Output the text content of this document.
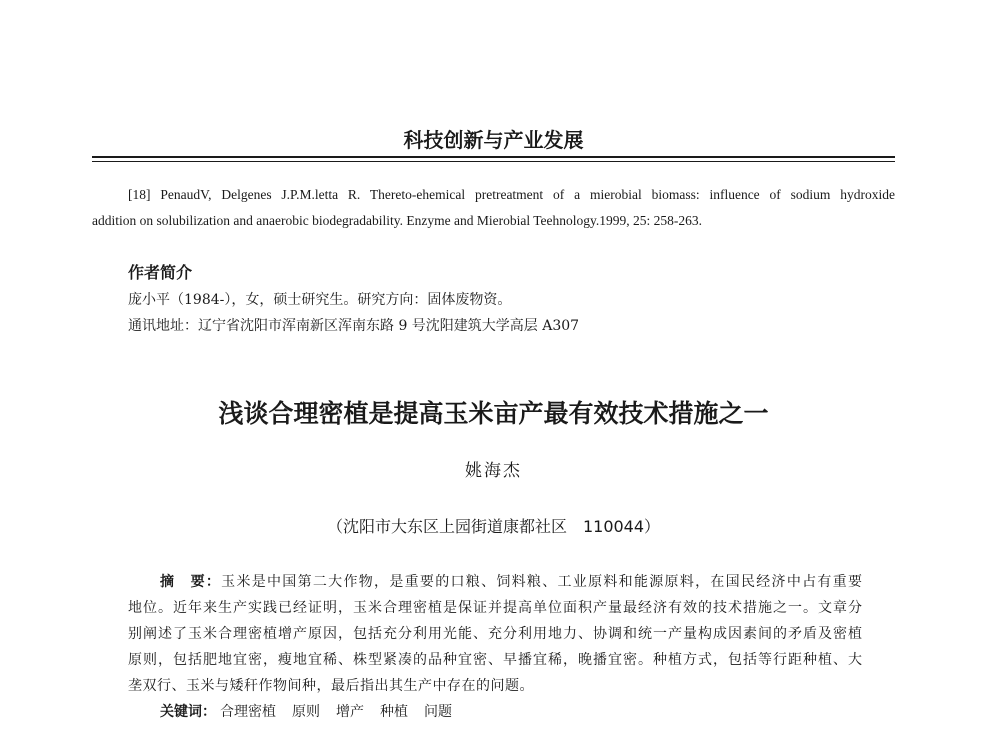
科技创新与产业发展
[18] PenaudV, Delgenes J.P.M.letta R. Thereto-ehemical pretreatment of a mierobial biomass: influence of sodium hydroxide
addition on solubilization and anaerobic biodegradability. Enzyme and Mierobial Teehnology.1999, 25: 258-263.
作者简介
庞小平（1984-），女，硕士研究生。研究方向：固体废物资。
通讯地址：辽宁省沈阳市浑南新区浑南东路 9 号沈阳建筑大学高层 A307
浅谈合理密植是提高玉米亩产最有效技术措施之一
姚海杰
（沈阳市大东区上园街道康都社区　110044）
摘　要：玉米是中国第二大作物，是重要的口粮、饲料粮、工业原料和能源原料，在国民经济中占有重要
地位。近年来生产实践已经证明，玉米合理密植是保证并提高单位面积产量最经济有效的技术措施之一。文章分
别阐述了玉米合理密植增产原因，包括充分利用光能、充分利用地力、协调和统一产量构成因素间的矛盾及密植
原则，包括肥地宜密，瘦地宜稀、株型紧凑的品种宜密、早播宜稀，晚播宜密。种植方式，包括等行距种植、大
垄双行、玉米与矮秆作物间种，最后指出其生产中存在的问题。
关键词： 合理密植 原则 增产 种植 问题
